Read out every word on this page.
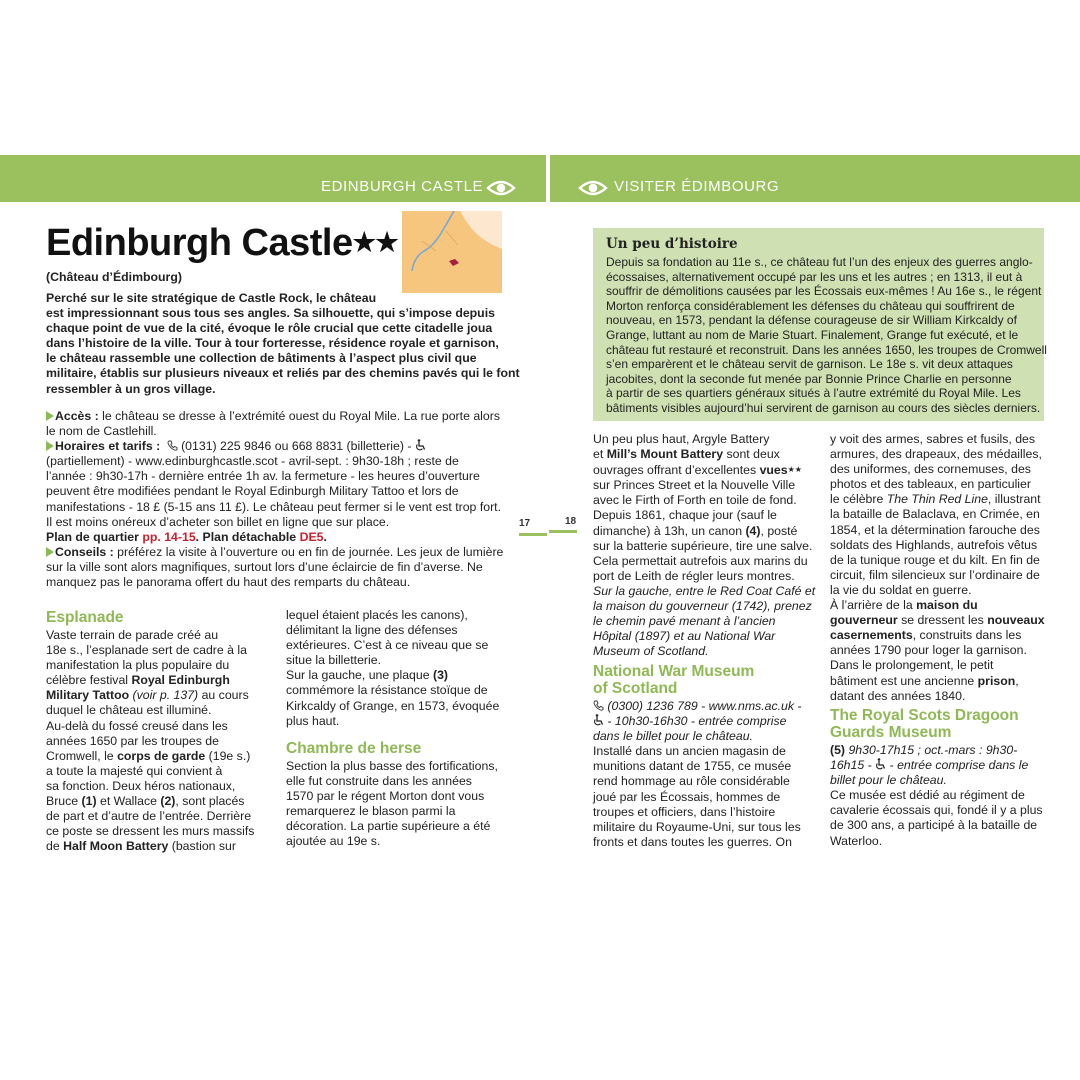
EDINBURGH CASTLE	VISITER ÉDIMBOURG
Edinburgh Castle★★
(Château d’Édimbourg)
Perché sur le site stratégique de Castle Rock, le château
est impressionnant sous tous ses angles. Sa silhouette, qui s’impose depuis
chaque point de vue de la cité, évoque le rôle crucial que cette citadelle joua
dans l’histoire de la ville. Tour à tour forteresse, résidence royale et garnison,
le château rassemble une collection de bâtiments à l’aspect plus civil que
militaire, établis sur plusieurs niveaux et reliés par des chemins pavés qui le font
ressembler à un gros village.
Accès : le château se dresse à l’extrémité ouest du Royal Mile. La rue porte alors
le nom de Castlehill.
Horaires et tarifs :  (0131) 225 9846 ou 668 8831 (billetterie) -
(partiellement) - www.edinburghcastle.scot - avril-sept. : 9h30-18h ; reste de
l’année : 9h30-17h - dernière entrée 1h av. la fermeture - les heures d’ouverture
peuvent être modifiées pendant le Royal Edinburgh Military Tattoo et lors de
manifestations - 18 £ (5-15 ans 11 £). Le château peut fermer si le vent est trop fort.
Il est moins onéreux d’acheter son billet en ligne que sur place.
Plan de quartier pp. 14-15. Plan détachable DE5.
Conseils : préférez la visite à l’ouverture ou en fin de journée. Les jeux de lumière
sur la ville sont alors magnifiques, surtout lors d’une éclaircie de fin d’averse. Ne
manquez pas le panorama offert du haut des remparts du château.
Esplanade
Vaste terrain de parade créé au
18e s., l’esplanade sert de cadre à la
manifestation la plus populaire du
célèbre festival Royal Edinburgh
Military Tattoo (voir p. 137) au cours
duquel le château est illuminé.
Au-delà du fossé creusé dans les
années 1650 par les troupes de
Cromwell, le corps de garde (19e s.)
a toute la majesté qui convient à
sa fonction. Deux héros nationaux,
Bruce (1) et Wallace (2), sont placés
de part et d’autre de l’entrée. Derrière
ce poste se dressent les murs massifs
de Half Moon Battery (bastion sur
lequel étaient placés les canons),
délimitant la ligne des défenses
extérieures. C’est à ce niveau que se
situe la billetterie.
Sur la gauche, une plaque (3)
commémore la résistance stoïque de
Kirkcaldy of Grange, en 1573, évoquée
plus haut.
Chambre de herse
Section la plus basse des fortifications,
elle fut construite dans les années
1570 par le régent Morton dont vous
remarquerez le blason parmi la
décoration. La partie supérieure a été
ajoutée au 19e s.
17	18
Un peu d’histoire
Depuis sa fondation au 11e s., ce château fut l’un des enjeux des guerres anglo-
écossaises, alternativement occupé par les uns et les autres ; en 1313, il eut à
souffrir de démolitions causées par les Écossais eux-mêmes ! Au 16e s., le régent
Morton renforça considérablement les défenses du château qui souffrirent de
nouveau, en 1573, pendant la défense courageuse de sir William Kirkcaldy of
Grange, luttant au nom de Marie Stuart. Finalement, Grange fut exécuté, et le
château fut restauré et reconstruit. Dans les années 1650, les troupes de Cromwell
s’en emparèrent et le château servit de garnison. Le 18e s. vit deux attaques
jacobites, dont la seconde fut menée par Bonnie Prince Charlie en personne
à partir de ses quartiers généraux situés à l’autre extrémité du Royal Mile. Les
bâtiments visibles aujourd’hui servirent de garnison au cours des siècles derniers.
Un peu plus haut, Argyle Battery
et Mill’s Mount Battery sont deux
ouvrages offrant d’excellentes vues★★
sur Princes Street et la Nouvelle Ville
avec le Firth of Forth en toile de fond.
Depuis 1861, chaque jour (sauf le
dimanche) à 13h, un canon (4), posté
sur la batterie supérieure, tire une salve.
Cela permettait autrefois aux marins du
port de Leith de régler leurs montres.
Sur la gauche, entre le Red Coat Café et
la maison du gouverneur (1742), prenez
le chemin pavé menant à l’ancien
Hôpital (1897) et au National War
Museum of Scotland.
National War Museum
of Scotland
(0300) 1236 789 - www.nms.ac.uk -
- 10h30-16h30 - entrée comprise
dans le billet pour le château.
Installé dans un ancien magasin de
munitions datant de 1755, ce musée
rend hommage au rôle considérable
joué par les Écossais, hommes de
troupes et officiers, dans l’histoire
militaire du Royaume-Uni, sur tous les
fronts et dans toutes les guerres. On
y voit des armes, sabres et fusils, des
armures, des drapeaux, des médailles,
des uniformes, des cornemuses, des
photos et des tableaux, en particulier
le célèbre The Thin Red Line, illustrant
la bataille de Balaclava, en Crimée, en
1854, et la détermination farouche des
soldats des Highlands, autrefois vêtus
de la tunique rouge et du kilt. En fin de
circuit, film silencieux sur l’ordinaire de
la vie du soldat en guerre.
À l’arrière de la maison du
gouverneur se dressent les nouveaux
casernements, construits dans les
années 1790 pour loger la garnison.
Dans le prolongement, le petit
bâtiment est une ancienne prison,
datant des années 1840.
The Royal Scots Dragoon
Guards Museum
(5) 9h30-17h15 ; oct.-mars : 9h30-
16h15 -  - entrée comprise dans le
billet pour le château.
Ce musée est dédié au régiment de
cavalerie écossais qui, fondé il y a plus
de 300 ans, a participé à la bataille de
Waterloo.
